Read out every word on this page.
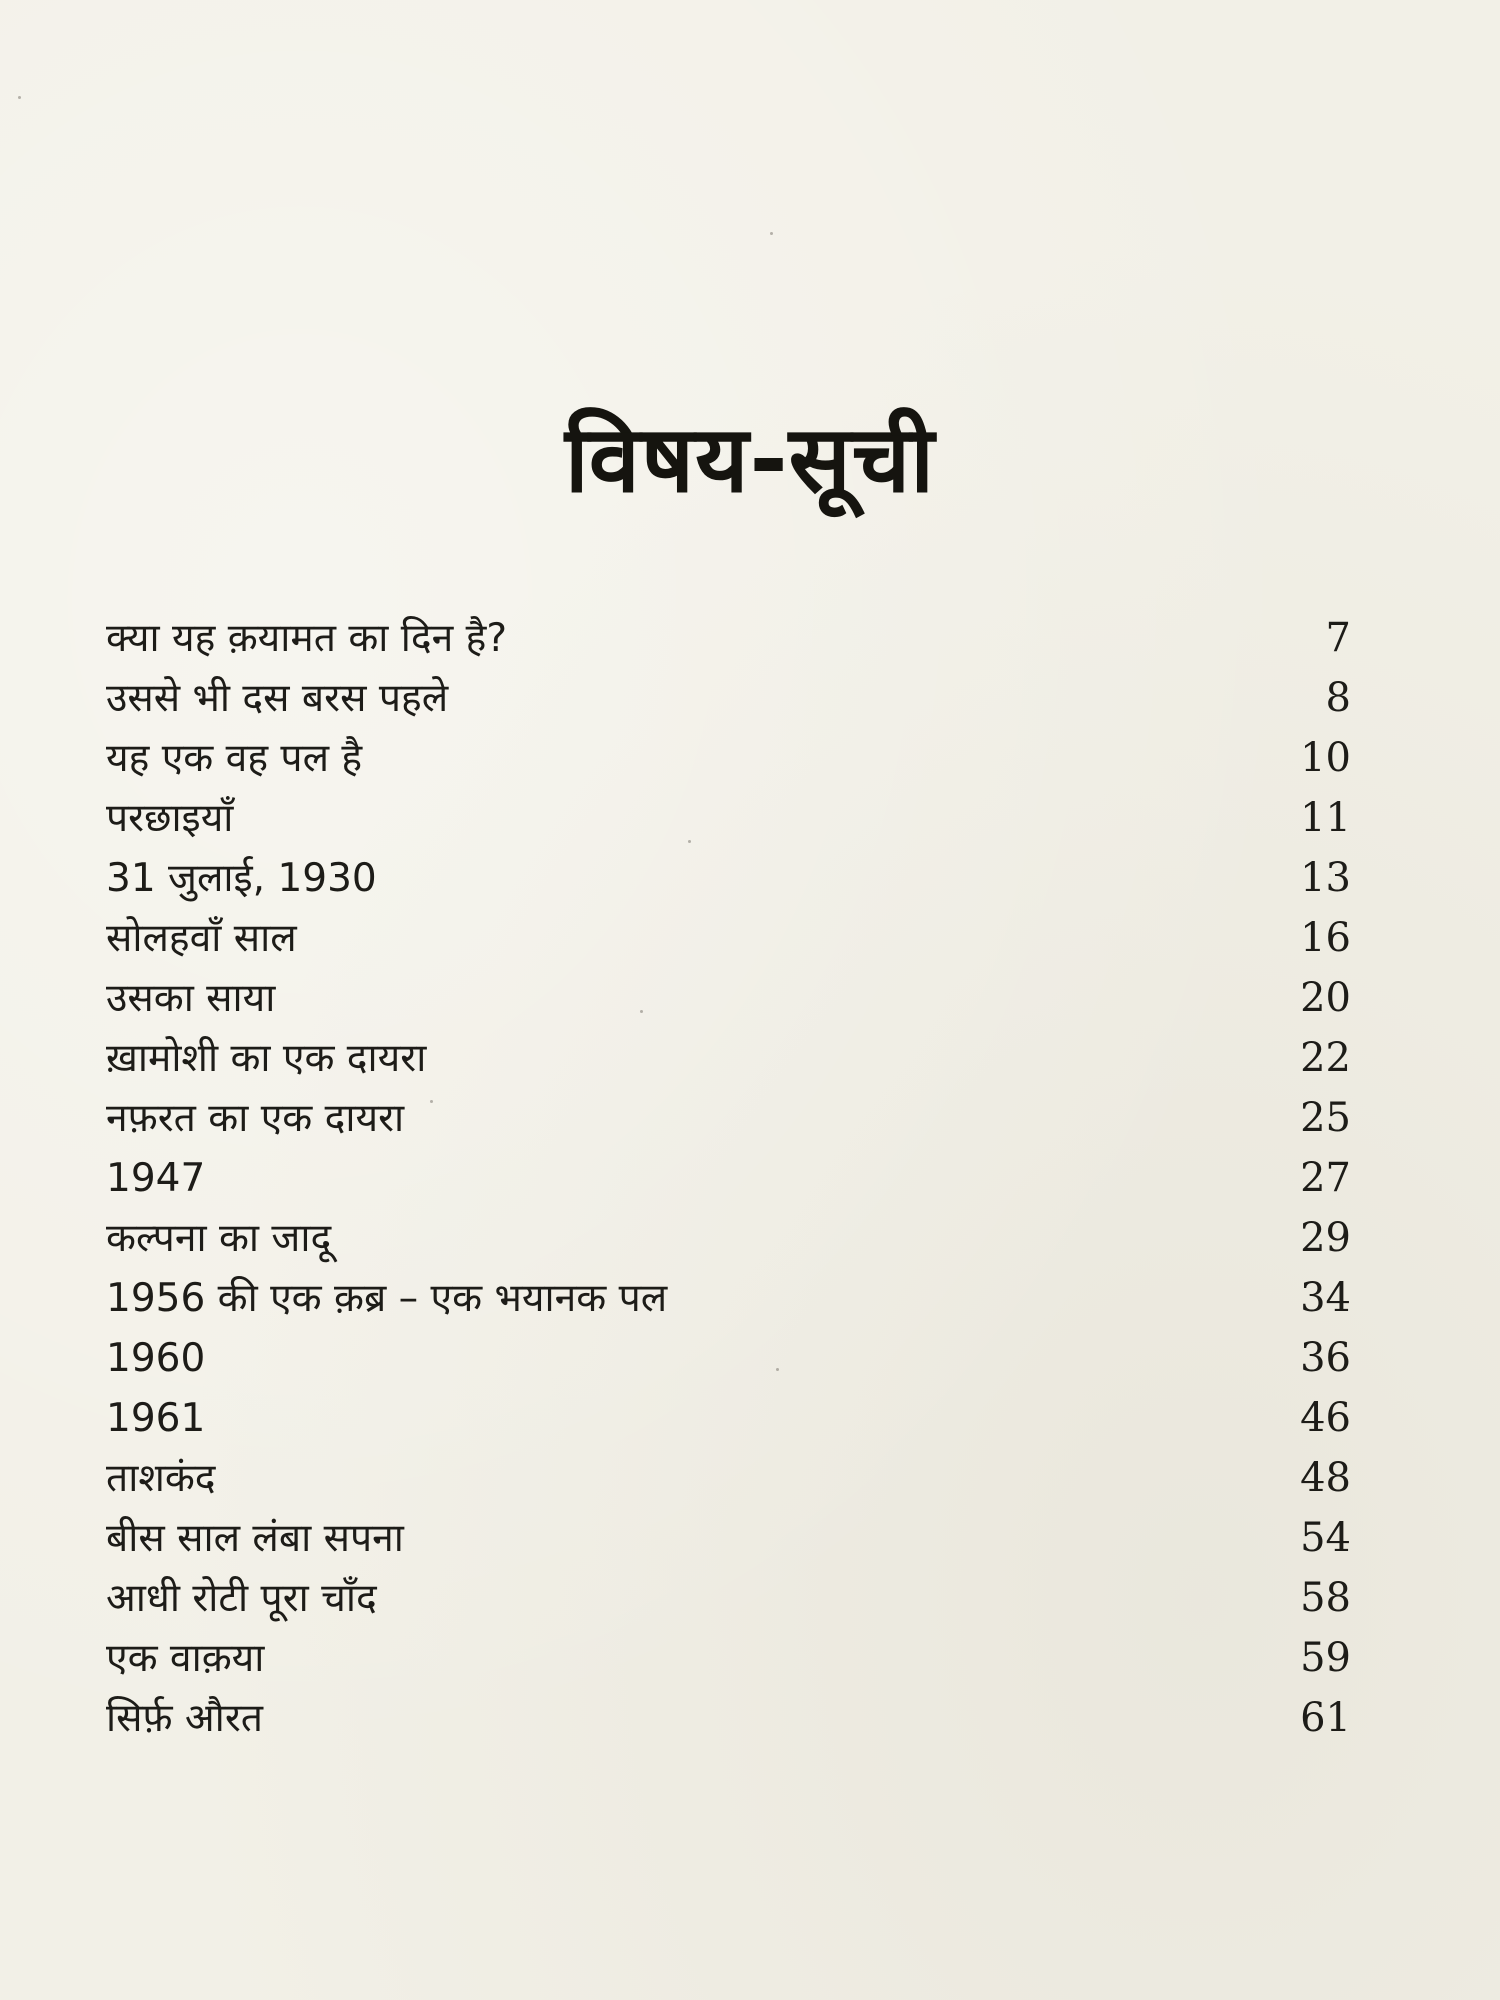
विषय-सूची
क्या यह क़यामत का दिन है?	7
उससे भी दस बरस पहले	8
यह एक वह पल है	10
परछाइयाँ	11
31 जुलाई, 1930	13
सोलहवाँ साल	16
उसका साया	20
ख़ामोशी का एक दायरा	22
नफ़रत का एक दायरा	25
1947	27
कल्पना का जादू	29
1956 की एक क़ब्र – एक भयानक पल	34
1960	36
1961	46
ताशकंद	48
बीस साल लंबा सपना	54
आधी रोटी पूरा चाँद	58
एक वाक़या	59
सिर्फ़ औरत	61
